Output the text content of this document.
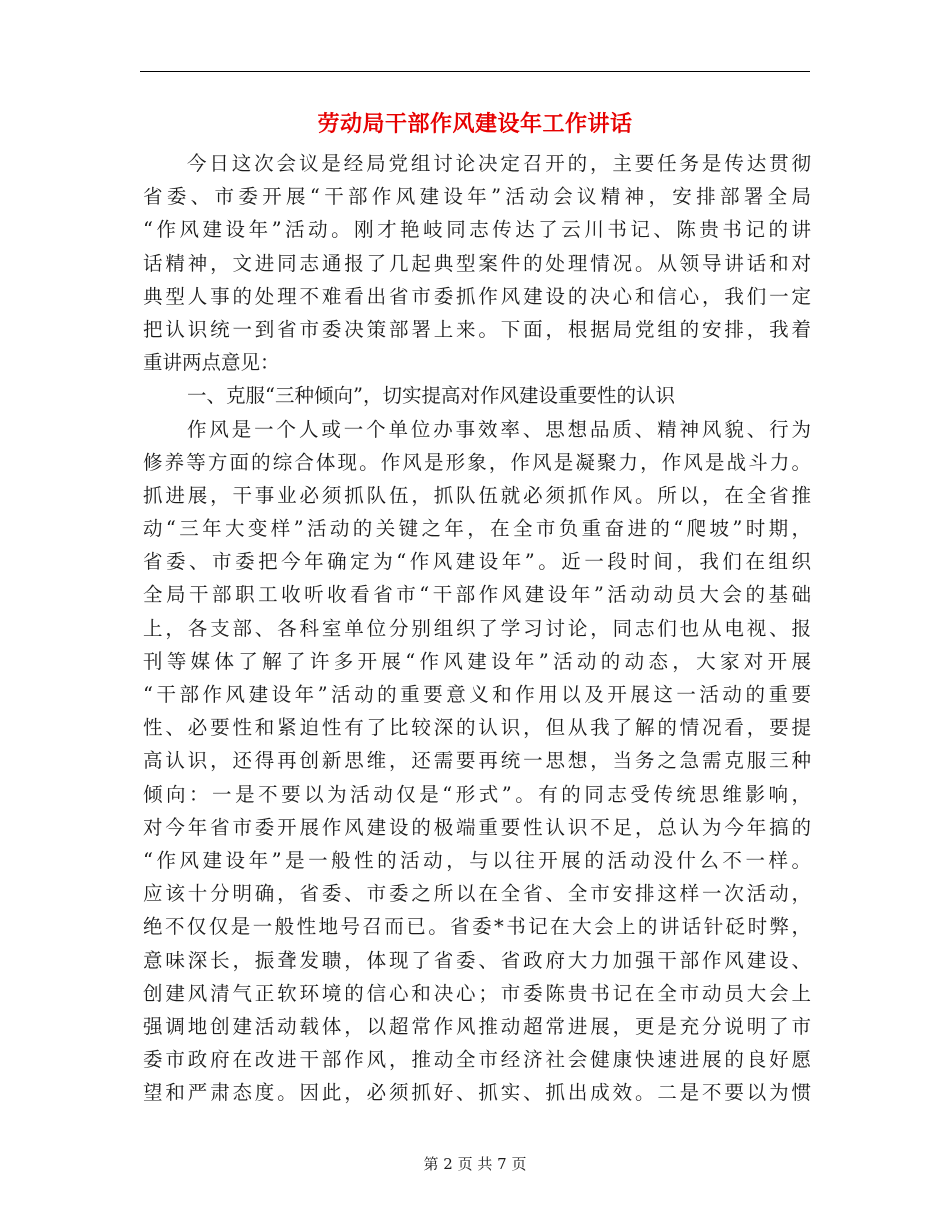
劳动局干部作风建设年工作讲话
今日这次会议是经局党组讨论决定召开的，主要任务是传达贯彻
省委、市委开展“干部作风建设年”活动会议精神，安排部署全局
“作风建设年”活动。刚才艳岐同志传达了云川书记、陈贵书记的讲
话精神，文进同志通报了几起典型案件的处理情况。从领导讲话和对
典型人事的处理不难看出省市委抓作风建设的决心和信心，我们一定
把认识统一到省市委决策部署上来。下面，根据局党组的安排，我着
重讲两点意见：
一、克服“三种倾向”，切实提高对作风建设重要性的认识
作风是一个人或一个单位办事效率、思想品质、精神风貌、行为
修养等方面的综合体现。作风是形象，作风是凝聚力，作风是战斗力。
抓进展，干事业必须抓队伍，抓队伍就必须抓作风。所以，在全省推
动“三年大变样”活动的关键之年，在全市负重奋进的“爬坡”时期，
省委、市委把今年确定为“作风建设年”。近一段时间，我们在组织
全局干部职工收听收看省市“干部作风建设年”活动动员大会的基础
上，各支部、各科室单位分别组织了学习讨论，同志们也从电视、报
刊等媒体了解了许多开展“作风建设年”活动的动态，大家对开展
“干部作风建设年”活动的重要意义和作用以及开展这一活动的重要
性、必要性和紧迫性有了比较深的认识，但从我了解的情况看，要提
高认识，还得再创新思维，还需要再统一思想，当务之急需克服三种
倾向：一是不要以为活动仅是“形式”。有的同志受传统思维影响，
对今年省市委开展作风建设的极端重要性认识不足，总认为今年搞的
“作风建设年”是一般性的活动，与以往开展的活动没什么不一样。
应该十分明确，省委、市委之所以在全省、全市安排这样一次活动，
绝不仅仅是一般性地号召而已。省委*书记在大会上的讲话针砭时弊，
意味深长，振聋发聩，体现了省委、省政府大力加强干部作风建设、
创建风清气正软环境的信心和决心；市委陈贵书记在全市动员大会上
强调地创建活动载体，以超常作风推动超常进展，更是充分说明了市
委市政府在改进干部作风，推动全市经济社会健康快速进展的良好愿
望和严肃态度。因此，必须抓好、抓实、抓出成效。二是不要以为惯
第 2 页 共 7 页
